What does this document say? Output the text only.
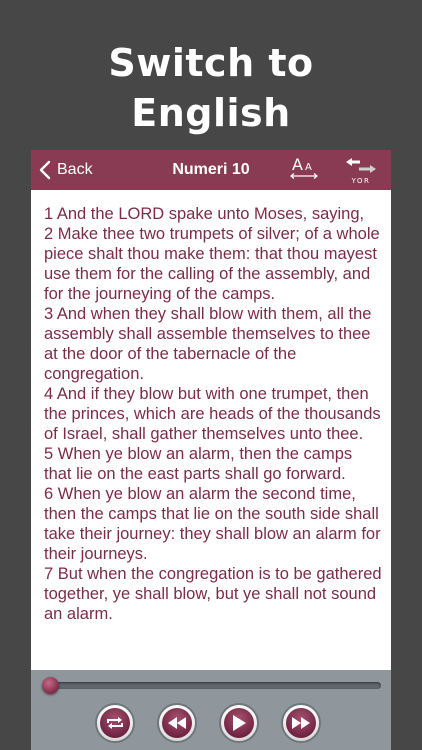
Switch to
English
Back	Numeri 10	A A
YOR
1 And the LORD spake unto Moses, saying,
2 Make thee two trumpets of silver; of a whole piece shalt thou make them: that thou mayest use them for the calling of the assembly, and for the journeying of the camps.
3 And when they shall blow with them, all the assembly shall assemble themselves to thee at the door of the tabernacle of the congregation.
4 And if they blow but with one trumpet, then the princes, which are heads of the thousands of Israel, shall gather themselves unto thee.
5 When ye blow an alarm, then the camps that lie on the east parts shall go forward.
6 When ye blow an alarm the second time, then the camps that lie on the south side shall take their journey: they shall blow an alarm for their journeys.
7 But when the congregation is to be gathered together, ye shall blow, but ye shall not sound an alarm.
